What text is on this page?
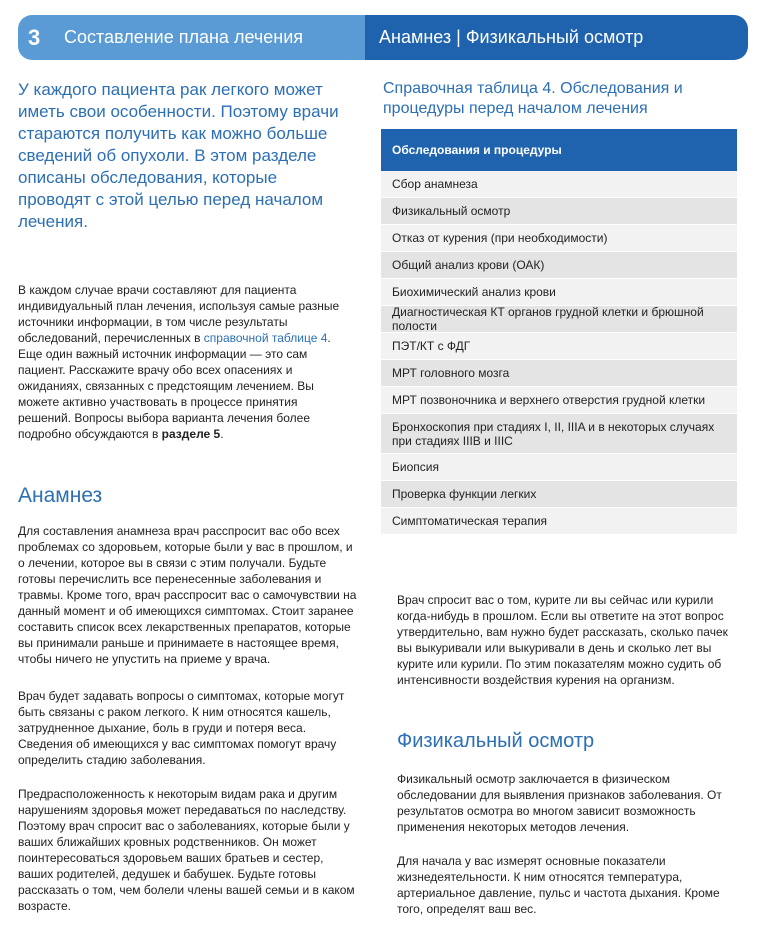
3	Составление плана лечения	Анамнез | Физикальный осмотр
У каждого пациента рак легкого может иметь свои особенности. Поэтому врачи стараются получить как можно больше сведений об опухоли. В этом разделе описаны обследования, которые проводят с этой целью перед началом лечения.
В каждом случае врачи составляют для пациента индивидуальный план лечения, используя самые разные источники информации, в том числе результаты обследований, перечисленных в справочной таблице 4. Еще один важный источник информации — это сам пациент. Расскажите врачу обо всех опасениях и ожиданиях, связанных с предстоящим лечением. Вы можете активно участвовать в процессе принятия решений. Вопросы выбора варианта лечения более подробно обсуждаются в разделе 5.
Анамнез
Для составления анамнеза врач расспросит вас обо всех проблемах со здоровьем, которые были у вас в прошлом, и о лечении, которое вы в связи с этим получали. Будьте готовы перечислить все перенесенные заболевания и травмы. Кроме того, врач расспросит вас о самочувствии на данный момент и об имеющихся симптомах. Стоит заранее составить список всех лекарственных препаратов, которые вы принимали раньше и принимаете в настоящее время, чтобы ничего не упустить на приеме у врача.
Врач будет задавать вопросы о симптомах, которые могут быть связаны с раком легкого. К ним относятся кашель, затрудненное дыхание, боль в груди и потеря веса. Сведения об имеющихся у вас симптомах помогут врачу определить стадию заболевания.
Предрасположенность к некоторым видам рака и другим нарушениям здоровья может передаваться по наследству. Поэтому врач спросит вас о заболеваниях, которые были у ваших ближайших кровных родственников. Он может поинтересоваться здоровьем ваших братьев и сестер, ваших родителей, дедушек и бабушек. Будьте готовы рассказать о том, чем болели члены вашей семьи и в каком возрасте.
Справочная таблица 4. Обследования и процедуры перед началом лечения
Обследования и процедуры
Сбор анамнеза
Физикальный осмотр
Отказ от курения (при необходимости)
Общий анализ крови (ОАК)
Биохимический анализ крови
Диагностическая КТ органов грудной клетки и брюшной полости
ПЭТ/КТ с ФДГ
МРТ головного мозга
МРТ позвоночника и верхнего отверстия грудной клетки
Бронхоскопия при стадиях I, II, IIIA и в некоторых случаях при стадиях IIIB и IIIC
Биопсия
Проверка функции легких
Симптоматическая терапия
Врач спросит вас о том, курите ли вы сейчас или курили когда-нибудь в прошлом. Если вы ответите на этот вопрос утвердительно, вам нужно будет рассказать, сколько пачек вы выкуривали или выкуривали в день и сколько лет вы курите или курили. По этим показателям можно судить об интенсивности воздействия курения на организм.
Физикальный осмотр
Физикальный осмотр заключается в физическом обследовании для выявления признаков заболевания. От результатов осмотра во многом зависит возможность применения некоторых методов лечения.
Для начала у вас измерят основные показатели жизнедеятельности. К ним относятся температура, артериальное давление, пульс и частота дыхания. Кроме того, определят ваш вес.
